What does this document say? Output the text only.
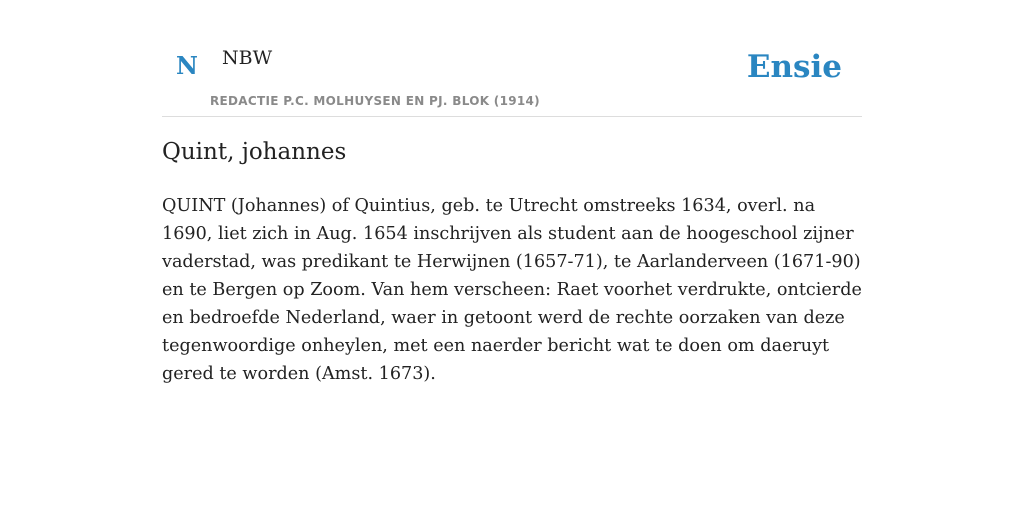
N NBW
REDACTIE P.C. MOLHUYSEN EN PJ. BLOK (1914)
Ensie
Quint, johannes

QUINT (Johannes) of Quintius, geb. te Utrecht omstreeks 1634, overl. na 1690, liet zich in Aug. 1654 inschrijven als student aan de hoogeschool zijner vaderstad, was predikant te Herwijnen (1657-71), te Aarlanderveen (1671-90) en te Bergen op Zoom. Van hem verscheen: Raet voorhet verdrukte, ontcierde en bedroefde Nederland, waer in getoont werd de rechte oorzaken van deze tegenwoordige onheylen, met een naerder bericht wat te doen om daeruyt gered te worden (Amst. 1673).
